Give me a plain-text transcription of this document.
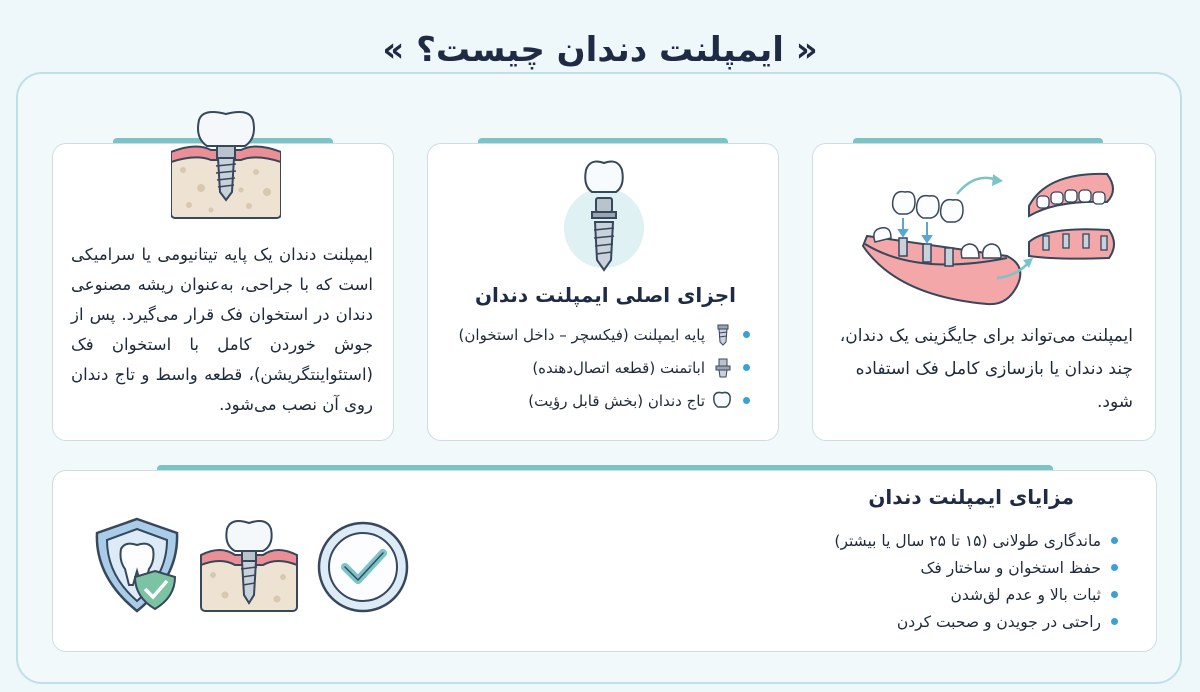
« ایمپلنت دندان چیست؟ »
ایمپلنت دندان یک پایه تیتانیومی یا سرامیکی است که با جراحی، به‌عنوان ریشه مصنوعی دندان در استخوان فک قرار می‌گیرد. پس از جوش خوردن کامل با استخوان فک (استئواینتگریشن)، قطعه واسط و تاج دندان روی آن نصب می‌شود.
اجزای اصلی ایمپلنت دندان
پایه ایمپلنت (فیکسچر – داخل استخوان)
اباتمنت (قطعه اتصال‌دهنده)
تاج دندان (بخش قابل رؤیت)
ایمپلنت می‌تواند برای جایگزینی یک دندان، چند دندان یا بازسازی کامل فک استفاده شود.
مزایای ایمپلنت دندان
ماندگاری طولانی (۱۵ تا ۲۵ سال یا بیشتر)
حفظ استخوان و ساختار فک
ثبات بالا و عدم لق‌شدن
راحتی در جویدن و صحبت کردن
